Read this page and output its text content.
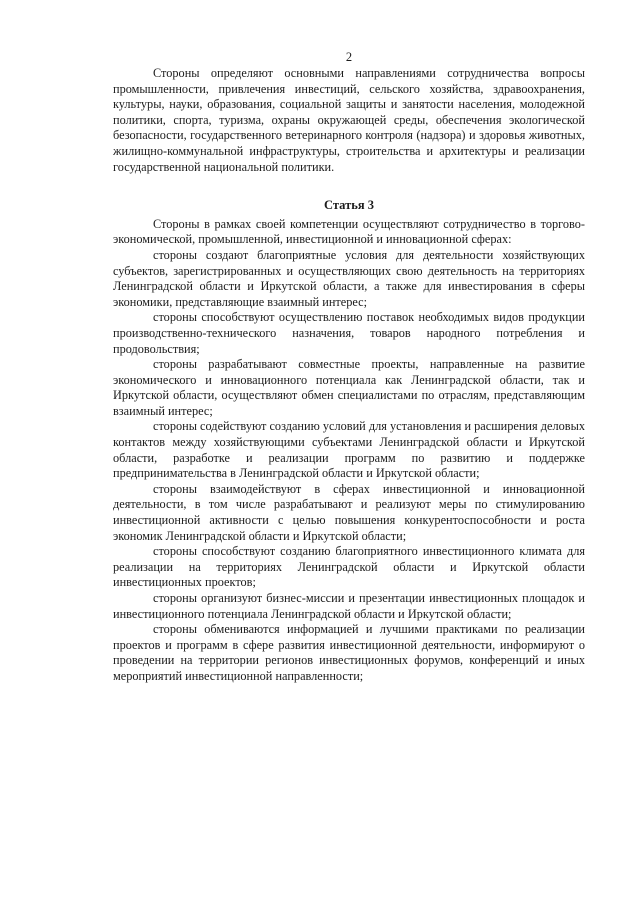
2

Стороны определяют основными направлениями сотрудничества вопросы промышленности, привлечения инвестиций, сельского хозяйства, здравоохранения, культуры, науки, образования, социальной защиты и занятости населения, молодежной политики, спорта, туризма, охраны окружающей среды, обеспечения экологической безопасности, государственного ветеринарного контроля (надзора) и здоровья животных, жилищно-коммунальной инфраструктуры, строительства и архитектуры и реализации государственной национальной политики.

Статья 3

Стороны в рамках своей компетенции осуществляют сотрудничество в торгово-экономической, промышленной, инвестиционной и инновационной сферах:

стороны создают благоприятные условия для деятельности хозяйствующих субъектов, зарегистрированных и осуществляющих свою деятельность на территориях Ленинградской области и Иркутской области, а также для инвестирования в сферы экономики, представляющие взаимный интерес;

стороны способствуют осуществлению поставок необходимых видов продукции производственно-технического назначения, товаров народного потребления и продовольствия;

стороны разрабатывают совместные проекты, направленные на развитие экономического и инновационного потенциала как Ленинградской области, так и Иркутской области, осуществляют обмен специалистами по отраслям, представляющим взаимный интерес;

стороны содействуют созданию условий для установления и расширения деловых контактов между хозяйствующими субъектами Ленинградской области и Иркутской области, разработке и реализации программ по развитию и поддержке предпринимательства в Ленинградской области и Иркутской области;

стороны взаимодействуют в сферах инвестиционной и инновационной деятельности, в том числе разрабатывают и реализуют меры по стимулированию инвестиционной активности с целью повышения конкурентоспособности и роста экономик Ленинградской области и Иркутской области;

стороны способствуют созданию благоприятного инвестиционного климата для реализации на территориях Ленинградской области и Иркутской области инвестиционных проектов;

стороны организуют бизнес-миссии и презентации инвестиционных площадок и инвестиционного потенциала Ленинградской области и Иркутской области;

стороны обмениваются информацией и лучшими практиками по реализации проектов и программ в сфере развития инвестиционной деятельности, информируют о проведении на территории регионов инвестиционных форумов, конференций и иных мероприятий инвестиционной направленности;
